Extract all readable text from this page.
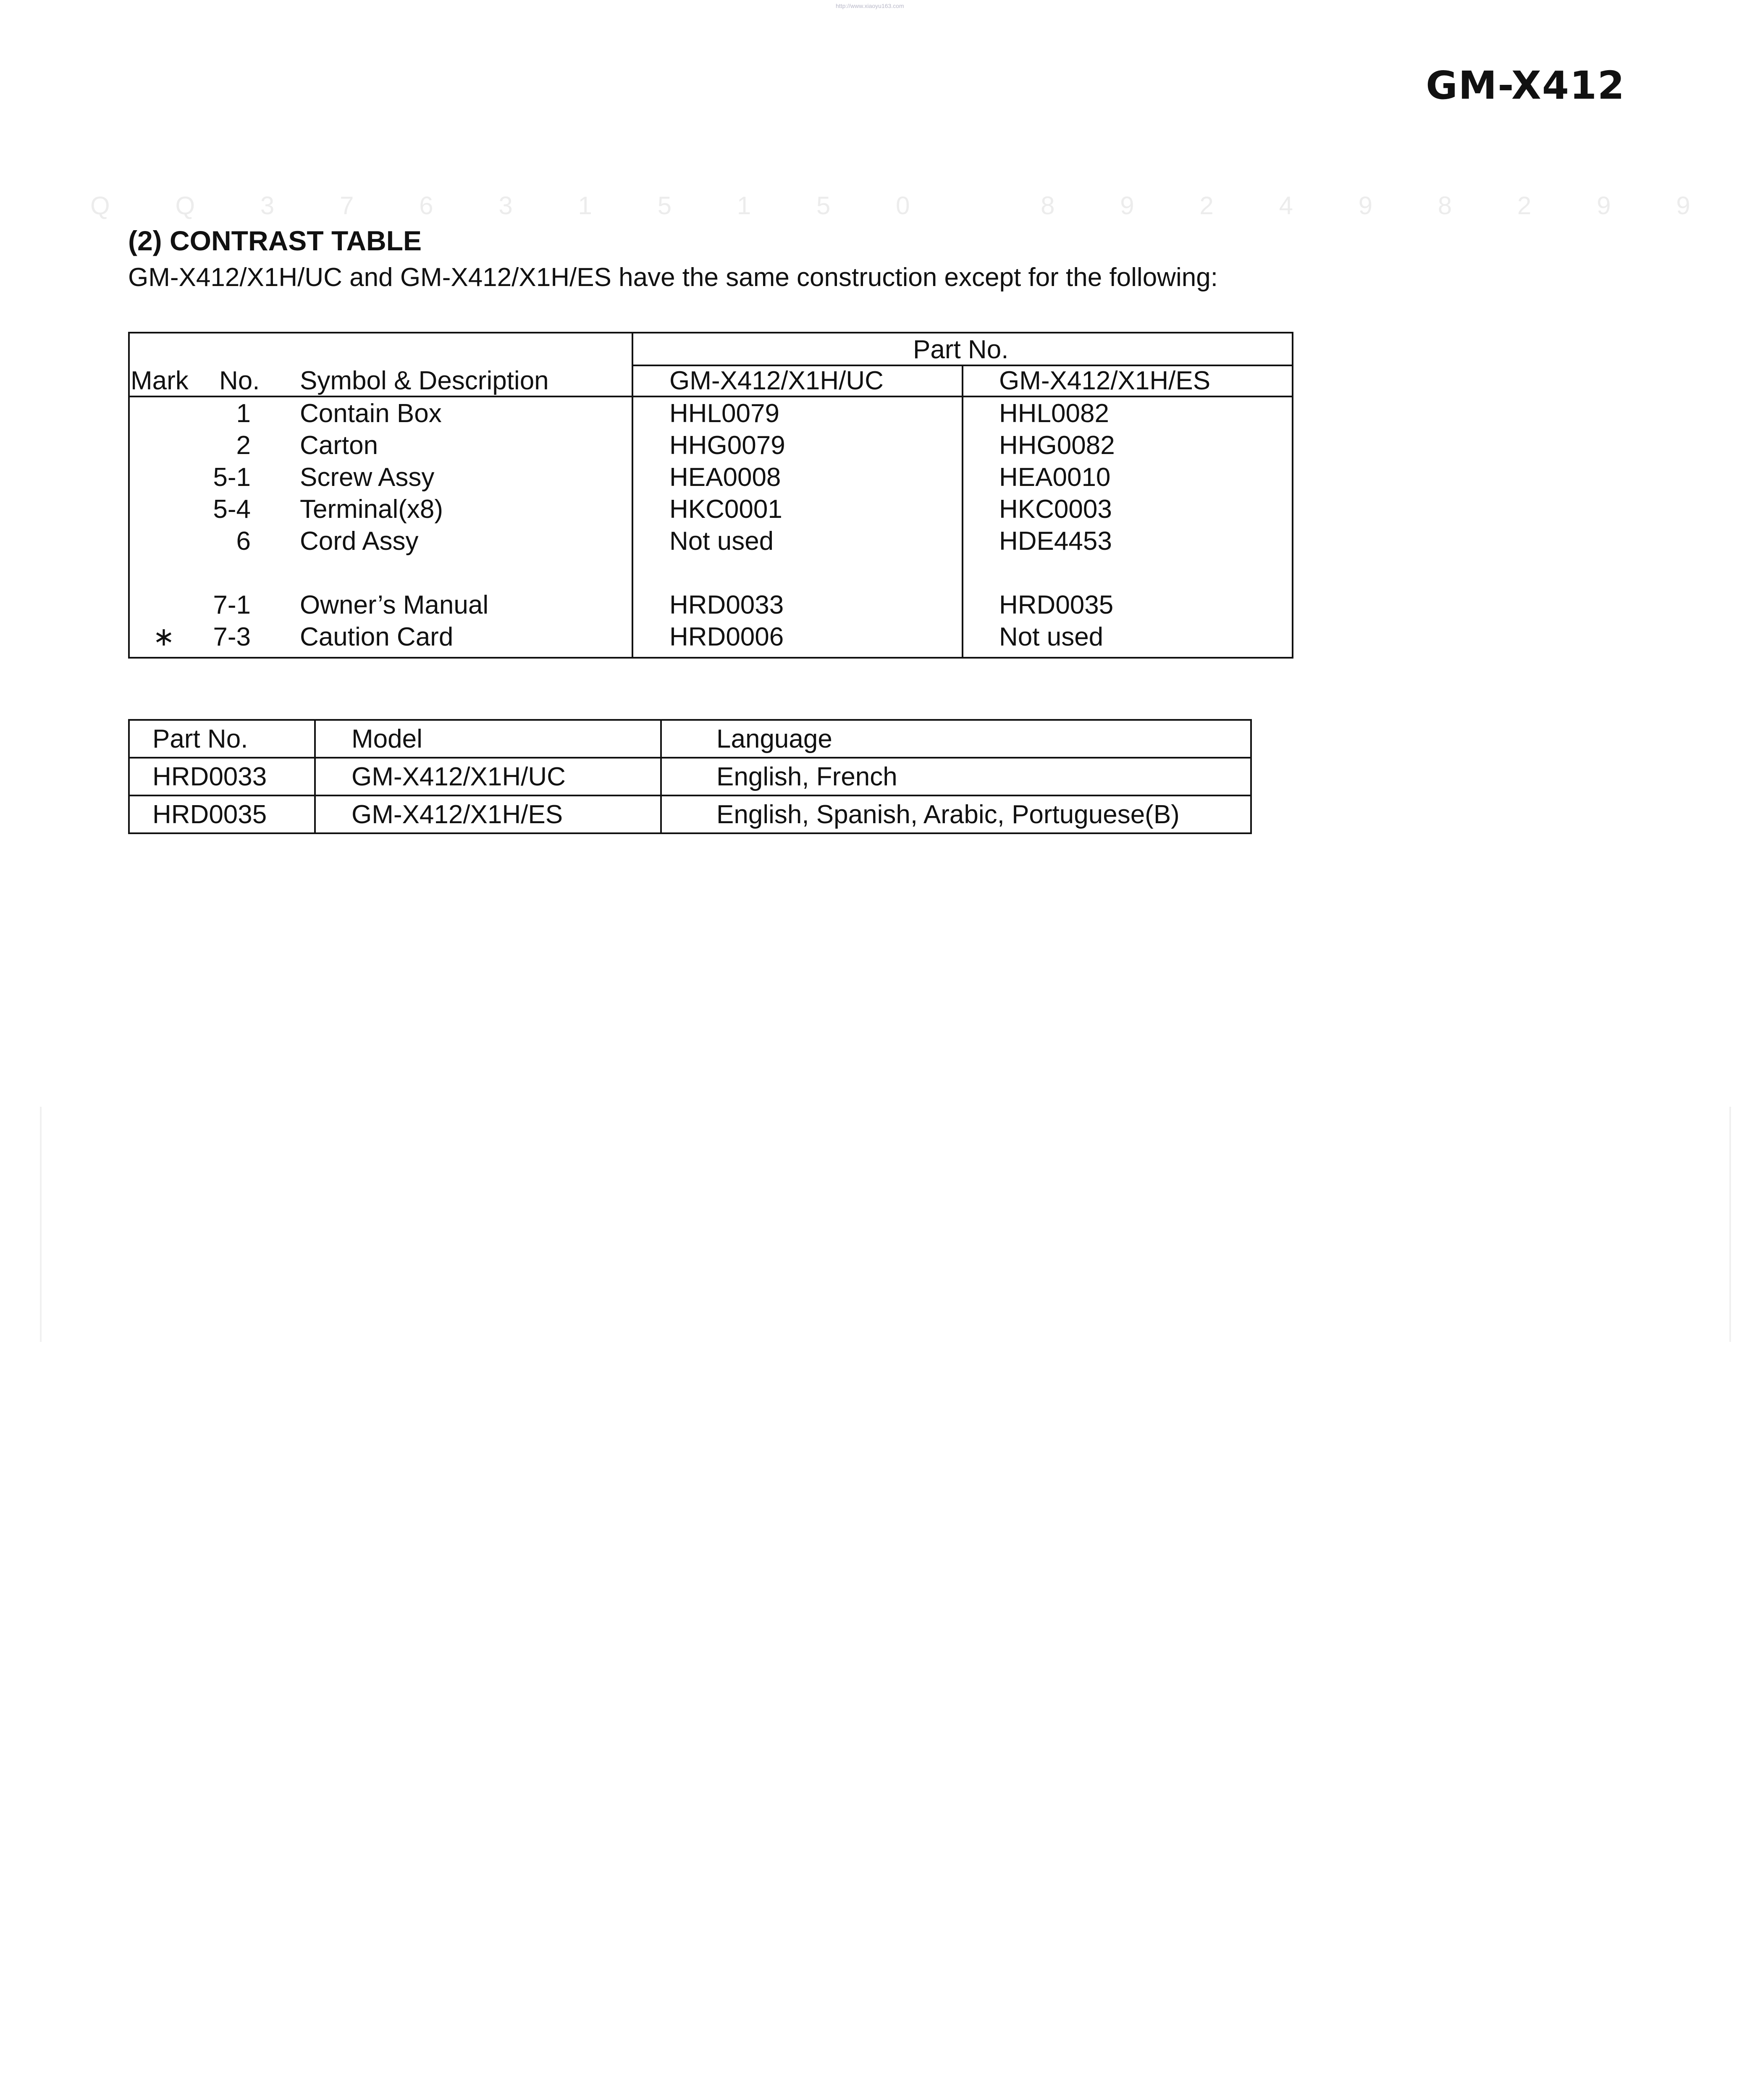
http://www.xiaoyu163.com
GM-X412
Q	Q	3	7	6	3	1	5	1	5	0	8	9	2	4	9	8	2	9	9
(2) CONTRAST TABLE
GM-X412/X1H/UC and GM-X412/X1H/ES have the same construction except for the following:
Part No.
Mark No. Symbol & Description	GM-X412/X1H/UC	GM-X412/X1H/ES
1 Contain Box	HHL0079	HHL0082
2 Carton	HHG0079	HHG0082
5-1 Screw Assy	HEA0008	HEA0010
5-4 Terminal(x8)	HKC0001	HKC0003
6 Cord Assy	Not used	HDE4453
7-1 Owner’s Manual	HRD0033	HRD0035
∗ 7-3 Caution Card	HRD0006	Not used
Part No.	Model	Language
HRD0033	GM-X412/X1H/UC	English, French
HRD0035	GM-X412/X1H/ES	English, Spanish, Arabic, Portuguese(B)
